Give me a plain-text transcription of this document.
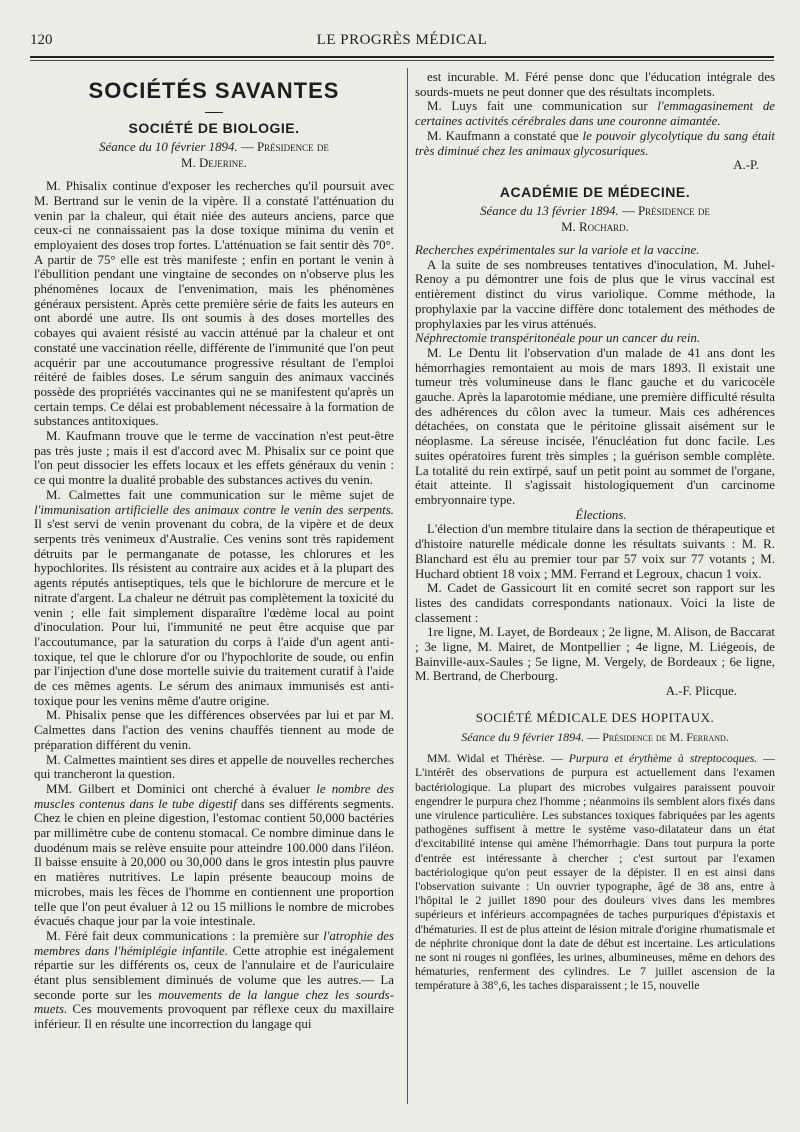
120	LE PROGRÈS MÉDICAL
SOCIÉTÉS SAVANTES
SOCIÉTÉ DE BIOLOGIE.
Séance du 10 février 1894. — Présidence de
M. Dejerine.

M. Phisalix continue d'exposer les recherches qu'il poursuit avec M. Bertrand sur le venin de la vipère. Il a constaté l'atténuation du venin par la chaleur, qui était niée des auteurs anciens, parce que ceux-ci ne connaissaient pas la dose toxique minima du venin et employaient des doses trop fortes. L'atténuation se fait sentir dès 70°. A partir de 75° elle est très manifeste ; enfin en portant le venin à l'ébullition pendant une vingtaine de secondes on n'observe plus les phénomènes locaux de l'envenimation, mais les phénomènes généraux persistent. Après cette première série de faits les auteurs en ont abordé une autre. Ils ont soumis à des doses mortelles des cobayes qui avaient résisté au vaccin atténué par la chaleur et ont constaté une vaccination réelle, différente de l'immunité que l'on peut acquérir par une accoutumance progressive résultant de l'emploi réitéré de faibles doses. Le sérum sanguin des animaux vaccinés possède des propriétés vaccinantes qui ne se manifestent qu'après un certain temps. Ce délai est probablement nécessaire à la formation de substances antitoxiques.

M. Kaufmann trouve que le terme de vaccination n'est peut-être pas très juste ; mais il est d'accord avec M. Phisalix sur ce point que l'on peut dissocier les effets locaux et les effets généraux du venin : ce qui montre la dualité probable des substances actives du venin.

M. Calmettes fait une communication sur le même sujet de l'immunisation artificielle des animaux contre le venin des serpents. Il s'est servi de venin provenant du cobra, de la vipère et de deux serpents très venimeux d'Australie. Ces venins sont très rapidement détruits par le permanganate de potasse, les chlorures et les hypochlorites. Ils résistent au contraire aux acides et à la plupart des agents réputés antiseptiques, tels que le bichlorure de mercure et le nitrate d'argent. La chaleur ne détruit pas complètement la toxicité du venin ; elle fait simplement disparaître l'œdème local au point d'inoculation. Pour lui, l'immunité ne peut être acquise que par l'accoutumance, par la saturation du corps à l'aide d'un agent anti-toxique, tel que le chlorure d'or ou l'hypochlorite de soude, ou enfin par l'injection d'une dose mortelle suivie du traitement curatif à l'aide de ces mêmes agents. Le sérum des animaux immunisés est anti-toxique pour les venins même d'autre origine.

M. Phisalix pense que les différences observées par lui et par M. Calmettes dans l'action des venins chauffés tiennent au mode de préparation différent du venin.

M. Calmettes maintient ses dires et appelle de nouvelles recherches qui trancheront la question.

MM. Gilbert et Dominici ont cherché à évaluer le nombre des muscles contenus dans le tube digestif dans ses différents segments. Chez le chien en pleine digestion, l'estomac contient 50,000 bactéries par millimètre cube de contenu stomacal. Ce nombre diminue dans le duodénum mais se relève ensuite pour atteindre 100.000 dans l'iléon. Il baisse ensuite à 20,000 ou 30,000 dans le gros intestin plus pauvre en matières nutritives. Le lapin présente beaucoup moins de microbes, mais les fèces de l'homme en contiennent une proportion telle que l'on peut évaluer à 12 ou 15 millions le nombre de microbes évacués chaque jour par la voie intestinale.

M. Féré fait deux communications : la première sur l'atrophie des membres dans l'hémiplégie infantile. Cette atrophie est inégalement répartie sur les différents os, ceux de l'annulaire et de l'auriculaire étant plus sensiblement diminués de volume que les autres.— La seconde porte sur les mouvements de la langue chez les sourds-muets. Ces mouvements provoquent par réflexe ceux du maxillaire inférieur. Il en résulte une incorrection du langage qui

est incurable. M. Féré pense donc que l'éducation intégrale des sourds-muets ne peut donner que des résultats incomplets.

M. Luys fait une communication sur l'emmagasinement de certaines activités cérébrales dans une couronne aimantée.

M. Kaufmann a constaté que le pouvoir glycolytique du sang était très diminué chez les animaux glycosuriques.

A.-P.

ACADÉMIE DE MÉDECINE.
Séance du 13 février 1894. — Présidence de
M. Rochard.

Recherches expérimentales sur la variole et la vaccine.

A la suite de ses nombreuses tentatives d'inoculation, M. Juhel-Renoy a pu démontrer une fois de plus que le virus vaccinal est entièrement distinct du virus variolique. Comme méthode, la prophylaxie par la vaccine diffère donc totalement des méthodes de prophylaxies par les virus atténués.

Néphrectomie transpéritonéale pour un cancer du rein.

M. Le Dentu lit l'observation d'un malade de 41 ans dont les hémorrhagies remontaient au mois de mars 1893. Il existait une tumeur très volumineuse dans le flanc gauche et du varicocèle gauche. Après la laparotomie médiane, une première difficulté résulta des adhérences du côlon avec la tumeur. Mais ces adhérences détachées, on constata que le péritoine glissait aisément sur le néoplasme. La séreuse incisée, l'énucléation fut donc facile. Les suites opératoires furent très simples ; la guérison semble complète. La totalité du rein extirpé, sauf un petit point au sommet de l'organe, était atteinte. Il s'agissait histologiquement d'un carcinome embryonnaire type.

Élections.

L'élection d'un membre titulaire dans la section de thérapeutique et d'histoire naturelle médicale donne les résultats suivants : M. R. Blanchard est élu au premier tour par 57 voix sur 77 votants ; M. Huchard obtient 18 voix ; MM. Ferrand et Legroux, chacun 1 voix.

M. Cadet de Gassicourt lit en comité secret son rapport sur les listes des candidats correspondants nationaux. Voici la liste de classement :

1re ligne, M. Layet, de Bordeaux ; 2e ligne, M. Alison, de Baccarat ; 3e ligne, M. Mairet, de Montpellier ; 4e ligne, M. Liégeois, de Bainville-aux-Saules ; 5e ligne, M. Vergely, de Bordeaux ; 6e ligne, M. Bertrand, de Cherbourg.

A.-F. Plicque.

SOCIÉTÉ MÉDICALE DES HOPITAUX.
Séance du 9 février 1894. — Présidence de M. Ferrand.

MM. Widal et Thérèse. — Purpura et érythème à streptocoques. — L'intérêt des observations de purpura est actuellement dans l'examen bactériologique. La plupart des microbes vulgaires paraissent pouvoir engendrer le purpura chez l'homme ; néanmoins ils semblent alors fixés dans une virulence particulière. Les substances toxiques fabriquées par les agents pathogènes suffisent à mettre le système vaso-dilatateur dans un état d'excitabilité intense qui amène l'hémorrhagie. Dans tout purpura la porte d'entrée est intéressante à chercher ; c'est surtout par l'examen bactériologique qu'on peut essayer de la dépister. Il en est ainsi dans l'observation suivante : Un ouvrier typographe, âgé de 38 ans, entre à l'hôpital le 2 juillet 1890 pour des douleurs vives dans les membres supérieurs et inférieurs accompagnées de taches purpuriques d'épistaxis et d'hématuries. Il est de plus atteint de lésion mitrale d'origine rhumatismale et de néphrite chronique dont la date de début est incertaine. Les articulations ne sont ni rouges ni gonflées, les urines, albumineuses, même en dehors des hématuries, renferment des cylindres. Le 7 juillet ascension de la température à 38°,6, les taches disparaissent ; le 15, nouvelle
